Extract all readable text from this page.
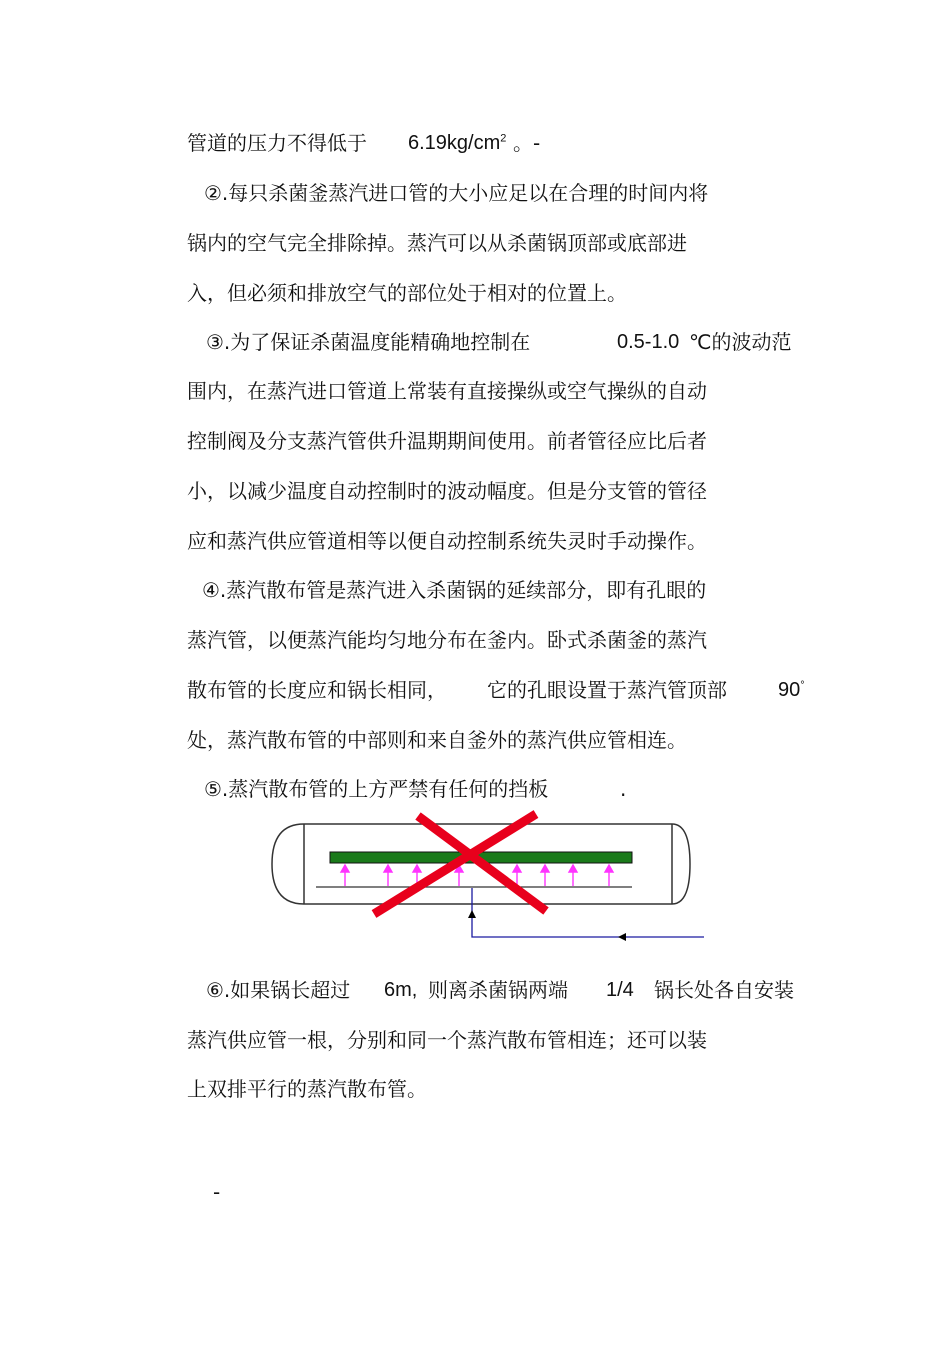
管道的压力不得低于

$6.19kg/cm^2$

。-

②.每只杀菌釜蒸汽进口管的大小应足以在合理的时间内将
锅内的空气完全排除掉。蒸汽可以从杀菌锅顶部或底部进
入，但必须和排放空气的部位处于相对的位置上。

③.为了保证杀菌温度能精确地控制在

	0.5-1.0

℃的波动范

围内，在蒸汽进口管道上常装有直接操纵或空气操纵的自动
控制阀及分支蒸汽管供升温期期间使用。前者管径应比后者
小，以减少温度自动控制时的波动幅度。但是分支管的管径
应和蒸汽供应管道相等以便自动控制系统失灵时手动操作。
④.蒸汽散布管是蒸汽进入杀菌锅的延续部分，即有孔眼的
蒸汽管，以便蒸汽能均匀地分布在釜内。卧式杀菌釜的蒸汽

散布管的长度应和锅长相同，

它的孔眼设置于蒸汽管顶部

	90°

处，蒸汽散布管的中部则和来自釜外的蒸汽供应管相连。

⑤.蒸汽散布管的上方严禁有任何的挡板

	.

⑥.如果锅长超过

6m,

则离杀菌锅两端

1/4

锅长处各自安装

蒸汽供应管一根，分别和同一个蒸汽散布管相连；还可以装
上双排平行的蒸汽散布管。
-
